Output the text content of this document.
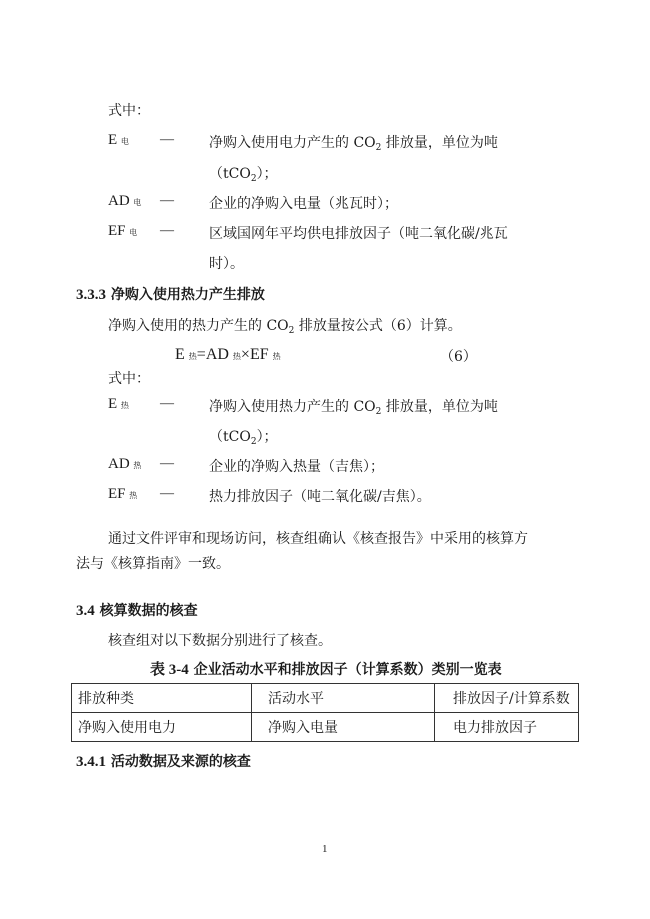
式中：
E 电 —	净购入使用电力产生的 $CO_2$ 排放量，单位为吨
（tCO$_2$）；
AD 电 —	企业的净购入电量（兆瓦时）；
EF 电 —	区域国网年平均供电排放因子（吨二氧化碳/兆瓦
时）。
3.3.3 净购入使用热力产生排放
净购入使用的热力产生的 $CO_2$ 排放量按公式（6）计算。
E 热=AD 热×EF 热	（6）
式中：
E 热 —	净购入使用热力产生的 $CO_2$ 排放量，单位为吨
（tCO$_2$）；
AD 热 —	企业的净购入热量（吉焦）；
EF 热 —	热力排放因子（吨二氧化碳/吉焦）。
通过文件评审和现场访问，核查组确认《核查报告》中采用的核算方
法与《核算指南》一致。
3.4 核算数据的核查
核查组对以下数据分别进行了核查。
表 3-4 企业活动水平和排放因子（计算系数）类别一览表
排放种类	活动水平	排放因子/计算系数
净购入使用电力	净购入电量	电力排放因子
3.4.1 活动数据及来源的核查
1
